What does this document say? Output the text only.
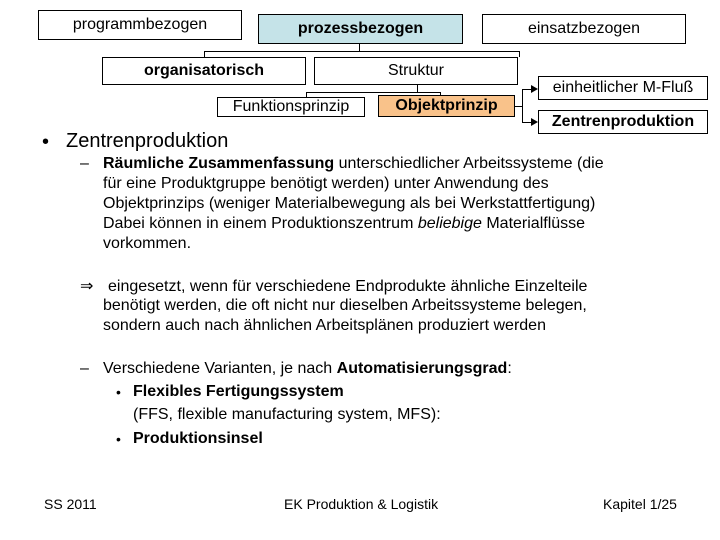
programmbezogen	prozessbezogen	einsatzbezogen
organisatorisch	Struktur
Funktionsprinzip	Objektprinzip
einheitlicher M-Fluß
Zentrenproduktion
• Zentrenproduktion
– Räumliche Zusammenfassung unterschiedlicher Arbeitssysteme (die
für eine Produktgruppe benötigt werden) unter Anwendung des
Objektprinzips (weniger Materialbewegung als bei Werkstattfertigung)
Dabei können in einem Produktionszentrum beliebige Materialflüsse
vorkommen.
⇒ eingesetzt, wenn für verschiedene Endprodukte ähnliche Einzelteile
benötigt werden, die oft nicht nur dieselben Arbeitssysteme belegen,
sondern auch nach ähnlichen Arbeitsplänen produziert werden
– Verschiedene Varianten, je nach Automatisierungsgrad:
• Flexibles Fertigungssystem
(FFS, flexible manufacturing system, MFS):
• Produktionsinsel
SS 2011	EK Produktion & Logistik	Kapitel 1/25
